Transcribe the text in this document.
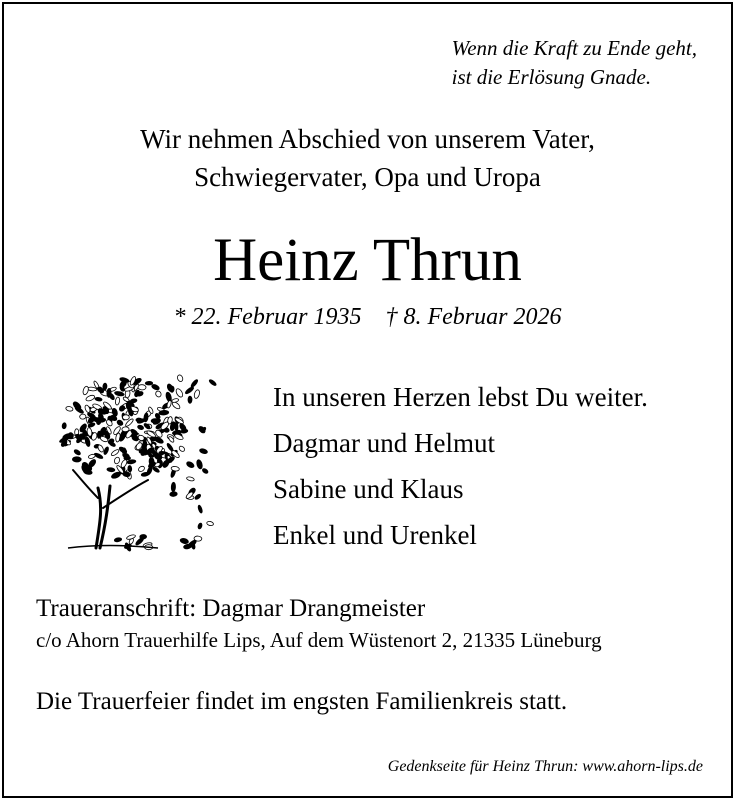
Wenn die Kraft zu Ende geht,
ist die Erlösung Gnade.
Wir nehmen Abschied von unserem Vater,
Schwiegervater, Opa und Uropa
Heinz Thrun
* 22. Februar 1935    † 8. Februar 2026
In unseren Herzen lebst Du weiter.
Dagmar und Helmut
Sabine und Klaus
Enkel und Urenkel
Traueranschrift: Dagmar Drangmeister
c/o Ahorn Trauerhilfe Lips, Auf dem Wüstenort 2, 21335 Lüneburg
Die Trauerfeier findet im engsten Familienkreis statt.
Gedenkseite für Heinz Thrun: www.ahorn-lips.de
